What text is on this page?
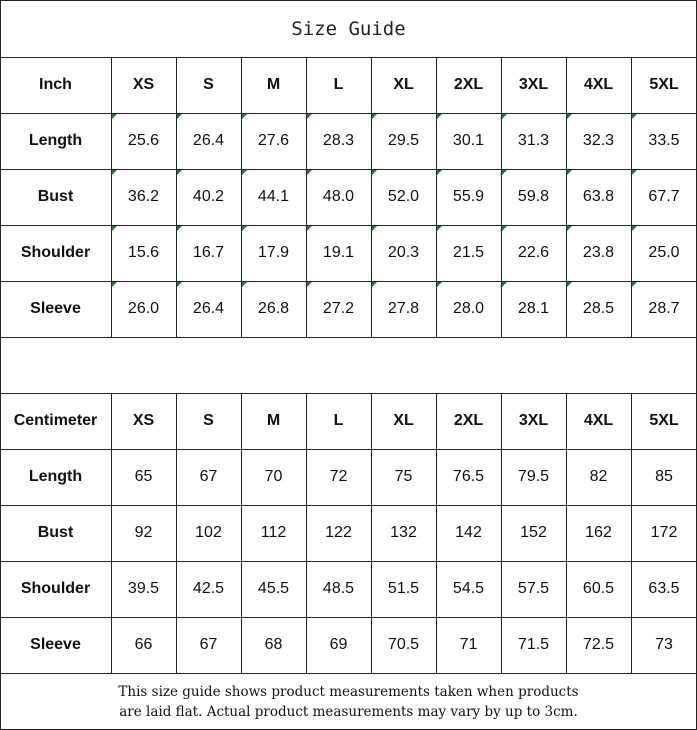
Size Guide
Inch	XS	S	M	L	XL	2XL	3XL	4XL	5XL
Length	25.6	26.4	27.6	28.3	29.5	30.1	31.3	32.3	33.5
Bust	36.2	40.2	44.1	48.0	52.0	55.9	59.8	63.8	67.7
Shoulder	15.6	16.7	17.9	19.1	20.3	21.5	22.6	23.8	25.0
Sleeve	26.0	26.4	26.8	27.2	27.8	28.0	28.1	28.5	28.7
Centimeter	XS	S	M	L	XL	2XL	3XL	4XL	5XL
Length	65	67	70	72	75	76.5	79.5	82	85
Bust	92	102	112	122	132	142	152	162	172
Shoulder	39.5	42.5	45.5	48.5	51.5	54.5	57.5	60.5	63.5
Sleeve	66	67	68	69	70.5	71	71.5	72.5	73
This size guide shows product measurements taken when products
are laid flat. Actual product measurements may vary by up to 3cm.
